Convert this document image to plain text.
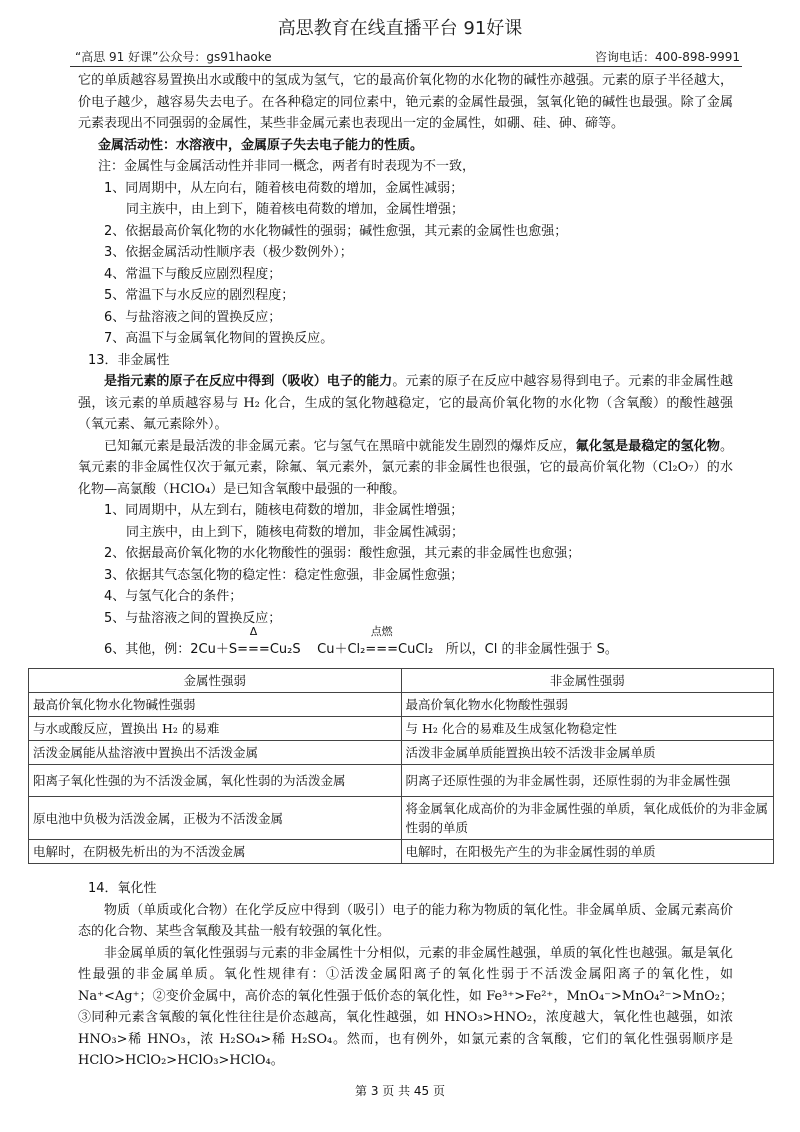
高思教育在线直播平台 91好课
“高思 91 好课”公众号：gs91haoke	咨询电话：400-898-9991

它的单质越容易置换出水或酸中的氢成为氢气，它的最高价氧化物的水化物的碱性亦越强。元素的原子半径越大，价电子越少，越容易失去电子。在各种稳定的同位素中，铯元素的金属性最强，氢氧化铯的碱性也最强。除了金属元素表现出不同强弱的金属性，某些非金属元素也表现出一定的金属性，如硼、硅、砷、碲等。

金属活动性：水溶液中，金属原子失去电子能力的性质。

注：金属性与金属活动性并非同一概念，两者有时表现为不一致，

1、同周期中，从左向右，随着核电荷数的增加，金属性减弱；

同主族中，由上到下，随着核电荷数的增加，金属性增强；

2、依据最高价氧化物的水化物碱性的强弱；碱性愈强，其元素的金属性也愈强；

3、依据金属活动性顺序表（极少数例外）；

4、常温下与酸反应剧烈程度；

5、常温下与水反应的剧烈程度；

6、与盐溶液之间的置换反应；

7、高温下与金属氧化物间的置换反应。

13．非金属性

是指元素的原子在反应中得到（吸收）电子的能力。元素的原子在反应中越容易得到电子。元素的非金属性越强，该元素的单质越容易与 H₂ 化合，生成的氢化物越稳定，它的最高价氧化物的水化物（含氧酸）的酸性越强（氧元素、氟元素除外）。

已知氟元素是最活泼的非金属元素。它与氢气在黑暗中就能发生剧烈的爆炸反应，氟化氢是最稳定的氢化物。氧元素的非金属性仅次于氟元素，除氟、氧元素外，氯元素的非金属性也很强，它的最高价氧化物（Cl₂O₇）的水化物—高氯酸（HClO₄）是已知含氧酸中最强的一种酸。

1、同周期中，从左到右，随核电荷数的增加，非金属性增强；

同主族中，由上到下，随核电荷数的增加，非金属性减弱；

2、依据最高价氧化物的水化物酸性的强弱：酸性愈强，其元素的非金属性也愈强；

3、依据其气态氢化物的稳定性：稳定性愈强，非金属性愈强；

4、与氢气化合的条件；

5、与盐溶液之间的置换反应；

6、其他，例：2Cu＋S
Δ
===Cu₂S Cu＋Cl₂
点燃
===CuCl₂ 所以，Cl 的非金属性强于 S。

金属性强弱	非金属性强弱
最高价氧化物水化物碱性强弱	最高价氧化物水化物酸性强弱
与水或酸反应，置换出 H₂ 的易难	与 H₂ 化合的易难及生成氢化物稳定性
活泼金属能从盐溶液中置换出不活泼金属	活泼非金属单质能置换出较不活泼非金属单质
阳离子氧化性强的为不活泼金属，氧化性弱的为活泼金属	阴离子还原性强的为非金属性弱，还原性弱的为非金属性强
原电池中负极为活泼金属，正极为不活泼金属	将金属氧化成高价的为非金属性强的单质，氧化成低价的为非金属性弱的单质
电解时，在阴极先析出的为不活泼金属	电解时，在阳极先产生的为非金属性弱的单质

14．氧化性

物质（单质或化合物）在化学反应中得到（吸引）电子的能力称为物质的氧化性。非金属单质、金属元素高价态的化合物、某些含氧酸及其盐一般有较强的氧化性。

非金属单质的氧化性强弱与元素的非金属性十分相似，元素的非金属性越强，单质的氧化性也越强。氟是氧化性最强的非金属单质。氧化性规律有：①活泼金属阳离子的氧化性弱于不活泼金属阳离子的氧化性，如 Na⁺<Ag⁺；②变价金属中，高价态的氧化性强于低价态的氧化性，如 Fe³⁺>Fe²⁺，MnO₄⁻>MnO₄²⁻>MnO₂；③同种元素含氧酸的氧化性往往是价态越高，氧化性越强，如 HNO₃>HNO₂，浓度越大，氧化性也越强，如浓 HNO₃>稀 HNO₃，浓 H₂SO₄>稀 H₂SO₄。然而，也有例外，如氯元素的含氧酸，它们的氧化性强弱顺序是 HClO>HClO₂>HClO₃>HClO₄。

第 3 页 共 45 页
